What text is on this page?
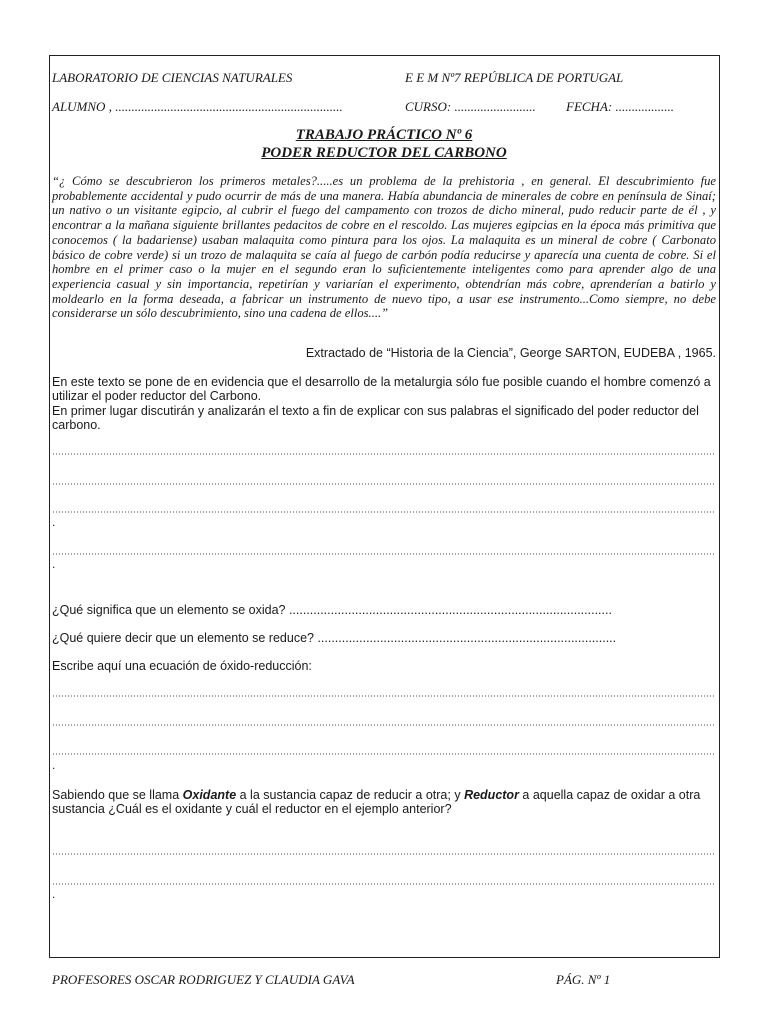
LABORATORIO DE CIENCIAS NATURALES	E E M Nº7 REPÚBLICA DE PORTUGAL
ALUMNO , ......................................................................	CURSO: ......................... FECHA: ..................
TRABAJO PRÁCTICO Nº 6
PODER REDUCTOR DEL CARBONO
“¿ Cómo se descubrieron los primeros metales?.....es un problema de la prehistoria , en general. El descubrimiento fue probablemente accidental y pudo ocurrir de más de una manera. Había abundancia de minerales de cobre en península de Sinaí; un nativo o un visitante egipcio, al cubrir el fuego del campamento con trozos de dicho mineral, pudo reducir parte de él , y encontrar a la mañana siguiente brillantes pedacitos de cobre en el rescoldo. Las mujeres egipcias en la época más primitiva que conocemos ( la badariense) usaban malaquita como pintura para los ojos. La malaquita es un mineral de cobre ( Carbonato básico de cobre verde) si un trozo de malaquita se caía al fuego de carbón podía reducirse y aparecía una cuenta de cobre. Si el hombre en el primer caso o la mujer en el segundo eran lo suficientemente inteligentes como para aprender algo de una experiencia casual y sin importancia, repetirían y variarían el experimento, obtendrían más cobre, aprenderían a batirlo y moldearlo en la forma deseada, a fabricar un instrumento de nuevo tipo, a usar ese instrumento...Como siempre, no debe considerarse un sólo descubrimiento, sino una cadena de ellos....”
Extractado de “Historia de la Ciencia”, George SARTON, EUDEBA , 1965.
En este texto se pone de en evidencia que el desarrollo de la metalurgia sólo fue posible cuando el hombre comenzó a utilizar el poder reductor del Carbono.
En primer lugar discutirán y analizarán el texto a fin de explicar con sus palabras el significado del poder reductor del carbono.
.
.
¿Qué significa que un elemento se oxida? .............................................................................................
¿Qué quiere decir que un elemento se reduce? ......................................................................................
Escribe aquí una ecuación de óxido-reducción:
.
Sabiendo que se llama Oxidante a la sustancia capaz de reducir a otra; y Reductor a aquella capaz de oxidar a otra sustancia ¿Cuál es el oxidante y cuál el reductor en el ejemplo anterior?
.
PROFESORES OSCAR RODRIGUEZ Y CLAUDIA GAVA	PÁG. Nº 1
